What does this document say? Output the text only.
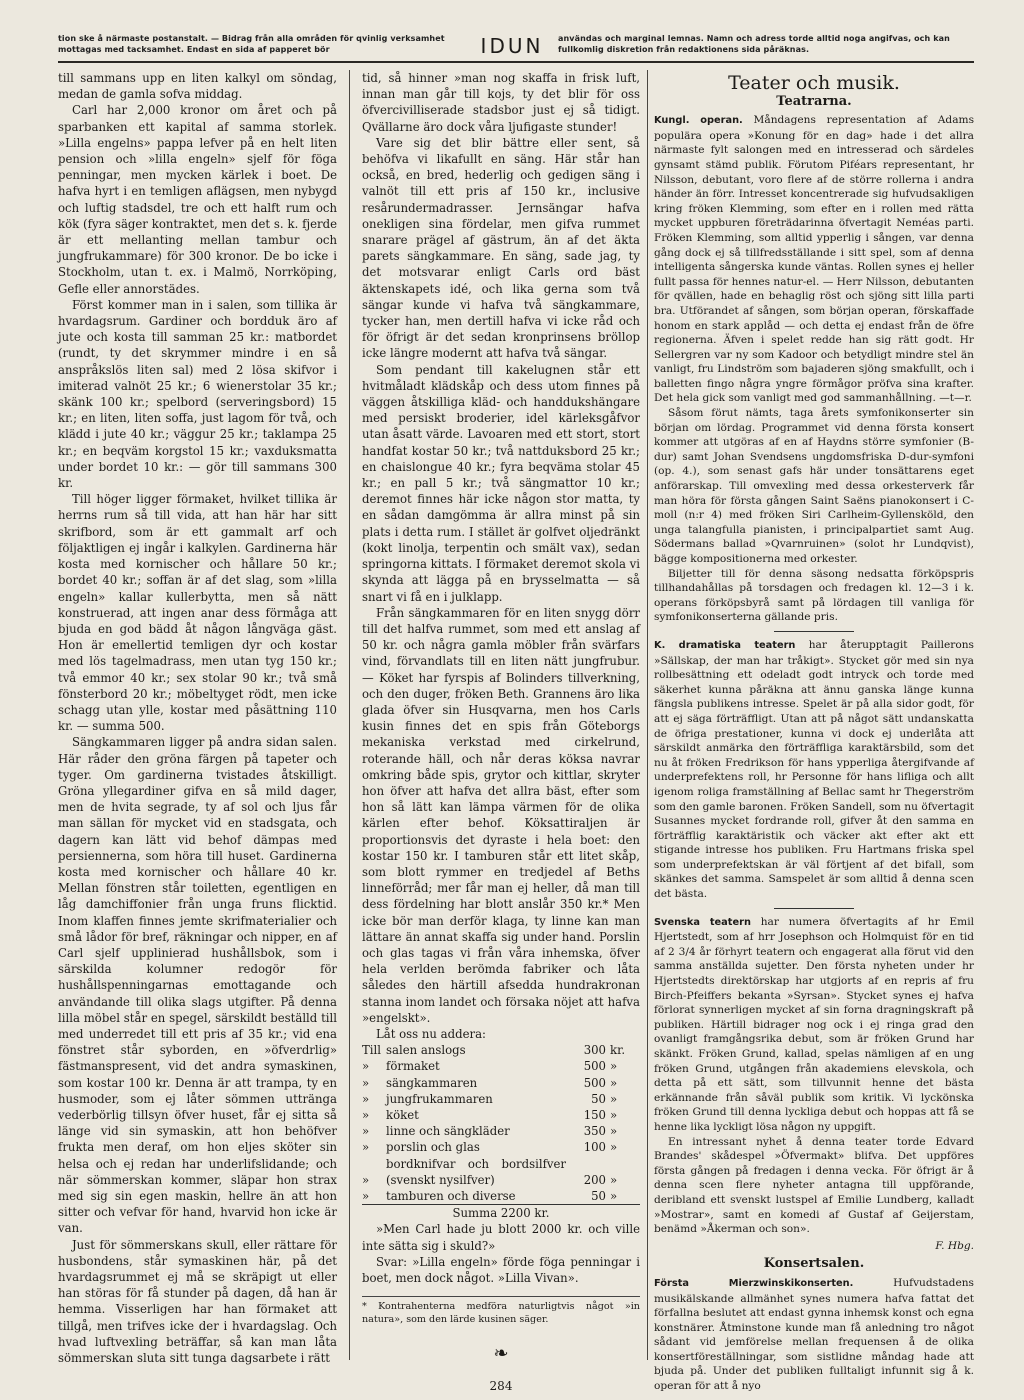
tion ske å närmaste postanstalt. — Bidrag från alla områden för qvinlig verksamhet mottagas med tacksamhet. Endast en sida af papperet bör	IDUN	användas och marginal lemnas. Namn och adress torde alltid noga angifvas, och kan fullkomlig diskretion från redaktionens sida påräknas.

till sammans upp en liten kalkyl om söndag, medan de gamla sofva middag.

Carl har 2,000 kronor om året och på sparbanken ett kapital af samma storlek. »Lilla engelns» pappa lefver på en helt liten pension och »lilla engeln» sjelf för föga penningar, men mycken kärlek i boet. De hafva hyrt i en temligen aflägsen, men nybygd och luftig stadsdel, tre och ett halft rum och kök (fyra säger kontraktet, men det s. k. fjerde är ett mellanting mellan tambur och jungfrukammare) för 300 kronor. De bo icke i Stockholm, utan t. ex. i Malmö, Norrköping, Gefle eller annorstädes.

Först kommer man in i salen, som tillika är hvardagsrum. Gardiner och bordduk äro af jute och kosta till samman 25 kr.: matbordet (rundt, ty det skrymmer mindre i en så anspråkslös liten sal) med 2 lösa skifvor i imiterad valnöt 25 kr.; 6 wienerstolar 35 kr.; skänk 100 kr.; spelbord (serveringsbord) 15 kr.; en liten, liten soffa, just lagom för två, och klädd i jute 40 kr.; väggur 25 kr.; taklampa 25 kr.; en beqväm korgstol 15 kr.; vaxduksmatta under bordet 10 kr.: — gör till sammans 300 kr.

Till höger ligger förmaket, hvilket tillika är herrns rum så till vida, att han här har sitt skrifbord, som är ett gammalt arf och följaktligen ej ingår i kalkylen. Gardinerna här kosta med kornischer och hållare 50 kr.; bordet 40 kr.; soffan är af det slag, som »lilla engeln» kallar kullerbytta, men så nätt konstruerad, att ingen anar dess förmåga att bjuda en god bädd åt någon långväga gäst. Hon är emellertid temligen dyr och kostar med lös tagelmadrass, men utan tyg 150 kr.; två emmor 40 kr.; sex stolar 90 kr.; två små fönsterbord 20 kr.; möbeltyget rödt, men icke schagg utan ylle, kostar med påsättning 110 kr. — summa 500.

Sängkammaren ligger på andra sidan salen. Här råder den gröna färgen på tapeter och tyger. Om gardinerna tvistades åtskilligt. Gröna yllegardiner gifva en så mild dager, men de hvita segrade, ty af sol och ljus får man sällan för mycket vid en stadsgata, och dagern kan lätt vid behof dämpas med persiennerna, som höra till huset. Gardinerna kosta med kornischer och hållare 40 kr. Mellan fönstren står toiletten, egentligen en låg damchiffonier från unga fruns flicktid. Inom klaffen finnes jemte skrifmaterialier och små lådor för bref, räkningar och nipper, en af Carl sjelf upplinierad hushållsbok, som i särskilda kolumner redogör för hushållspenningarnas emottagande och användande till olika slags utgifter. På denna lilla möbel står en spegel, särskildt beställd till med underredet till ett pris af 35 kr.; vid ena fönstret står syborden, en »öfverdrlig» fästmanspresent, vid det andra symaskinen, som kostar 100 kr. Denna är att trampa, ty en husmoder, som ej låter sömmen utträngа vederbörlig tillsyn öfver huset, får ej sitta så länge vid sin symaskin, att hon behöfver frukta men deraf, om hon eljes sköter sin helsa och ej redan har underlifslidande; och när sömmerskan kommer, släpar hon strax med sig sin egen maskin, hellre än att hon sitter och vefvar för hand, hvarvid hon icke är van.

Just för sömmerskans skull, eller rättare för husbondens, står symaskinen här, på det hvardagsrummet ej må se skräpigt ut eller han störas för få stunder på dagen, då han är hemma. Visserligen har han förmaket att tillgå, men trifves icke der i hvardagslag. Och hvad luftvexling beträffar, så kan man låta sömmerskan sluta sitt tunga dagsarbete i rätt

tid, så hinner »man nog skaffa in frisk luft, innan man går till kojs, ty det blir för oss öfvercivilliserade stadsbor just ej så tidigt. Qvällarne äro dock våra ljufigaste stunder!

Vare sig det blir bättre eller sent, så behöfva vi likafullt en säng. Här står han också, en bred, hederlig och gedigen säng i valnöt till ett pris af 150 kr., inclusive resårundermadrasser. Jernsängar hafva onekligen sina fördelar, men gifva rummet snarare prägel af gästrum, än af det äkta parets sängkammare. En säng, sade jag, ty det motsvarar enligt Carls ord bäst äktenskapets idé, och lika gerna som två sängar kunde vi hafva två sängkammare, tycker han, men dertill hafva vi icke råd och för öfrigt är det sedan kronprinsens bröllop icke längre modernt att hafva två sängar.

Som pendant till kakelugnen står ett hvitmåladt klädskåp och dess utom finnes på väggen åtskilliga kläd- och handdukshängare med persiskt broderier, idel kärleksgåfvor utan åsatt värde. Lavoaren med ett stort, stort handfat kostar 50 kr.; två nattduksbord 25 kr.; en chaislongue 40 kr.; fyra beqväma stolar 45 kr.; en pall 5 kr.; två sängmattor 10 kr.; deremot finnes här icke någon stor matta, ty en sådan damgömma är allra minst på sin plats i detta rum. I stället är golfvet oljedränkt (kokt linolja, terpentin och smält vax), sedan springorna kittats. I förmaket deremot skola vi skynda att lägga på en brysselmatta — så snart vi få en i julklapp.

Från sängkammaren för en liten snygg dörr till det halfva rummet, som med ett anslag af 50 kr. och några gamla möbler från svärfars vind, förvandlats till en liten nätt jungfrubur. — Köket har fyrspis af Bolinders tillverkning, och den duger, fröken Beth. Grannens äro lika glada öfver sin Husqvarna, men hos Carls kusin finnes det en spis från Göteborgs mekaniska verkstad med cirkelrund, roterande häll, och når deras köksa navrar omkring både spis, grytor och kittlar, skryter hon öfver att hafva det allra bäst, efter som hon så lätt kan lämpa värmen för de olika kärlen efter behof. Köksattiraljen är proportionsvis det dyraste i hela boet: den kostar 150 kr. I tamburen står ett litet skåp, som blott rymmer en tredjedel af Beths linneförråd; mer får man ej heller, då man till dess fördelning har blott anslår 350 kr.* Men icke bör man derför klaga, ty linne kan man lättare än annat skaffa sig under hand. Porslin och glas tagas vi från våra inhemska, öfver hela verlden berömda fabriker och låta således den härtill afsedda hundrakronan stanna inom landet och försaka nöjet att hafva »engelskt».

Låt oss nu addera:

Till	salen anslogs	300	kr.
»	förmaket	500	»
»	sängkammaren	500	»
»	jungfrukammaren	50	»
»	köket	150	»
»	linne och sängkläder	350	»
»	porslin och glas	100	»
»	bordknifvar och bordsilfver (svenskt nysilfver)	200	»
»	tamburen och diverse	50	»
Summa 2200 kr.			

»Men Carl hade ju blott 2000 kr. och ville inte sätta sig i skuld?»

Svar: »Lilla engeln» förde föga penningar i boet, men dock något. »Lilla Vivan».

* Kontrahenterna medföra naturligtvis något »in natura», som den lärde kusinen säger.
❧
284
Teater och musik.
Teatrarna.

Kungl. operan. Måndagens representation af Adams populära opera »Konung för en dag» hade i det allra närmaste fylt salongen med en intresserad och särdeles gynsamt stämd publik. Förutom Piféars representant, hr Nilsson, debutant, voro flere af de större rollerna i andra händer än förr. Intresset koncentrerade sig hufvudsakligen kring fröken Klemming, som efter en i rollen med rätta mycket uppburen företrädarinna öfvertagit Neméas parti. Fröken Klemming, som alltid ypperlig i sången, var denna gång dock ej så tillfredsställande i sitt spel, som af denna intelligenta sångerska kunde väntas. Rollen synes ej heller fullt passa för hennes natur-el. — Herr Nilsson, debutanten för qvällen, hade en behaglig röst och sjöng sitt lilla parti bra. Utförandet af sången, som början operan, förskaffade honom en stark applåd — och detta ej endast från de öfre regionerna. Äfven i spelet redde han sig rätt godt. Hr Sellergren var ny som Kadoor och betydligt mindre stel än vanligt, fru Lindström som bajaderen sjöng smakfullt, och i balletten fingo några yngre förmågor pröfva sina krafter. Det hela gick som vanligt med god sammanhållning. —t—r.

Såsom förut nämts, taga årets symfonikonserter sin början om lördag. Programmet vid denna första konsert kommer att utgöras af en af Haydns större symfonier (B-dur) samt Johan Svendsens ungdomsfriska D-dur-symfoni (op. 4.), som senast gafs här under tonsättarens eget anförarskap. Till omvexling med dessa orkesterverk får man höra för första gången Saint Saëns pianokonsert i C-moll (n:r 4) med fröken Siri Carlheim-Gyllensköld, den unga talangfulla pianisten, i principalpartiet samt Aug. Södermans ballad »Qvarnruinen» (solot hr Lundqvist), bägge kompositionerna med orkester.

Biljetter till för denna säsong nedsatta förköpspris tillhandahållas på torsdagen och fredagen kl. 12—3 i k. operans förköpsbyrå samt på lördagen till vanliga för symfonikonserterna gällande pris.

K. dramatiska teatern har återupptagit Paillerons »Sällskap, der man har tråkigt». Stycket gör med sin nya rollbesättning ett odeladt godt intryck och torde med säkerhet kunna påräkna att ännu ganska länge kunna fängsla publikens intresse. Spelet är på alla sidor godt, för att ej säga förträffligt. Utan att på något sätt undanskatta de öfriga prestationer, kunna vi dock ej underlåta att särskildt anmärka den förträffliga karaktärsbild, som det nu åt fröken Fredrikson för hans ypperliga återgifvande af underprefektens roll, hr Personne för hans lifliga och allt igenom roliga framställning af Bellac samt hr Thegerström som den gamle baronen. Fröken Sandell, som nu öfvertagit Susannes mycket fordrande roll, gifver åt den samma en förträfflig karaktäristik och väcker akt efter akt ett stigande intresse hos publiken. Fru Hartmans friska spel som underprefektskan är väl förtjent af det bifall, som skänkes det samma. Samspelet är som alltid å denna scen det bästa.

Svenska teatern har numera öfvertagits af hr Emil Hjertstedt, som af hrr Josephson och Holmquist för en tid af 2 3/4 år förhyrt teatern och engagerat alla förut vid den samma anställda sujetter. Den första nyheten under hr Hjertstedts direktörskap har utgjorts af en repris af fru Birch-Pfeiffers bekanta »Syrsan». Stycket synes ej hafva förlorat synnerligen mycket af sin forna dragningskraft på publiken. Härtill bidrager nog ock i ej ringa grad den ovanligt framgångsrika debut, som är fröken Grund har skänkt. Fröken Grund, kallad, spelas nämligen af en ung fröken Grund, utgången från akademiens elevskola, och detta på ett sätt, som tillvunnit henne det bästa erkännande från såväl publik som kritik. Vi lyckönska fröken Grund till denna lyckliga debut och hoppas att få se henne lika lyckligt lösa någon ny uppgift.

En intressant nyhet å denna teater torde Edvard Brandes' skådespel »Öfvermakt» blifva. Det uppföres första gången på fredagen i denna vecka. För öfrigt är å denna scen flere nyheter antagna till uppförande, deribland ett svenskt lustspel af Emilie Lundberg, kalladt »Mostrar», samt en komedi af Gustaf af Geijerstam, benämd »Åkerman och son».

F. Hbg.
Konsertsalen.

Första Mierzwinskikonserten.	Hufvudstadens musikälskande allmänhet synes numera hafva fattat det förfallna beslutet att endast gynna inhemsk konst och egna konstnärer. Åtminstone kunde man få anledning tro något sådant vid jemförelse mellan frequensen å de olika konsertföreställningar, som sistlidne måndag hade att bjuda på. Under det publiken fulltaligt infunnit sig å k. operan för att å nyo
